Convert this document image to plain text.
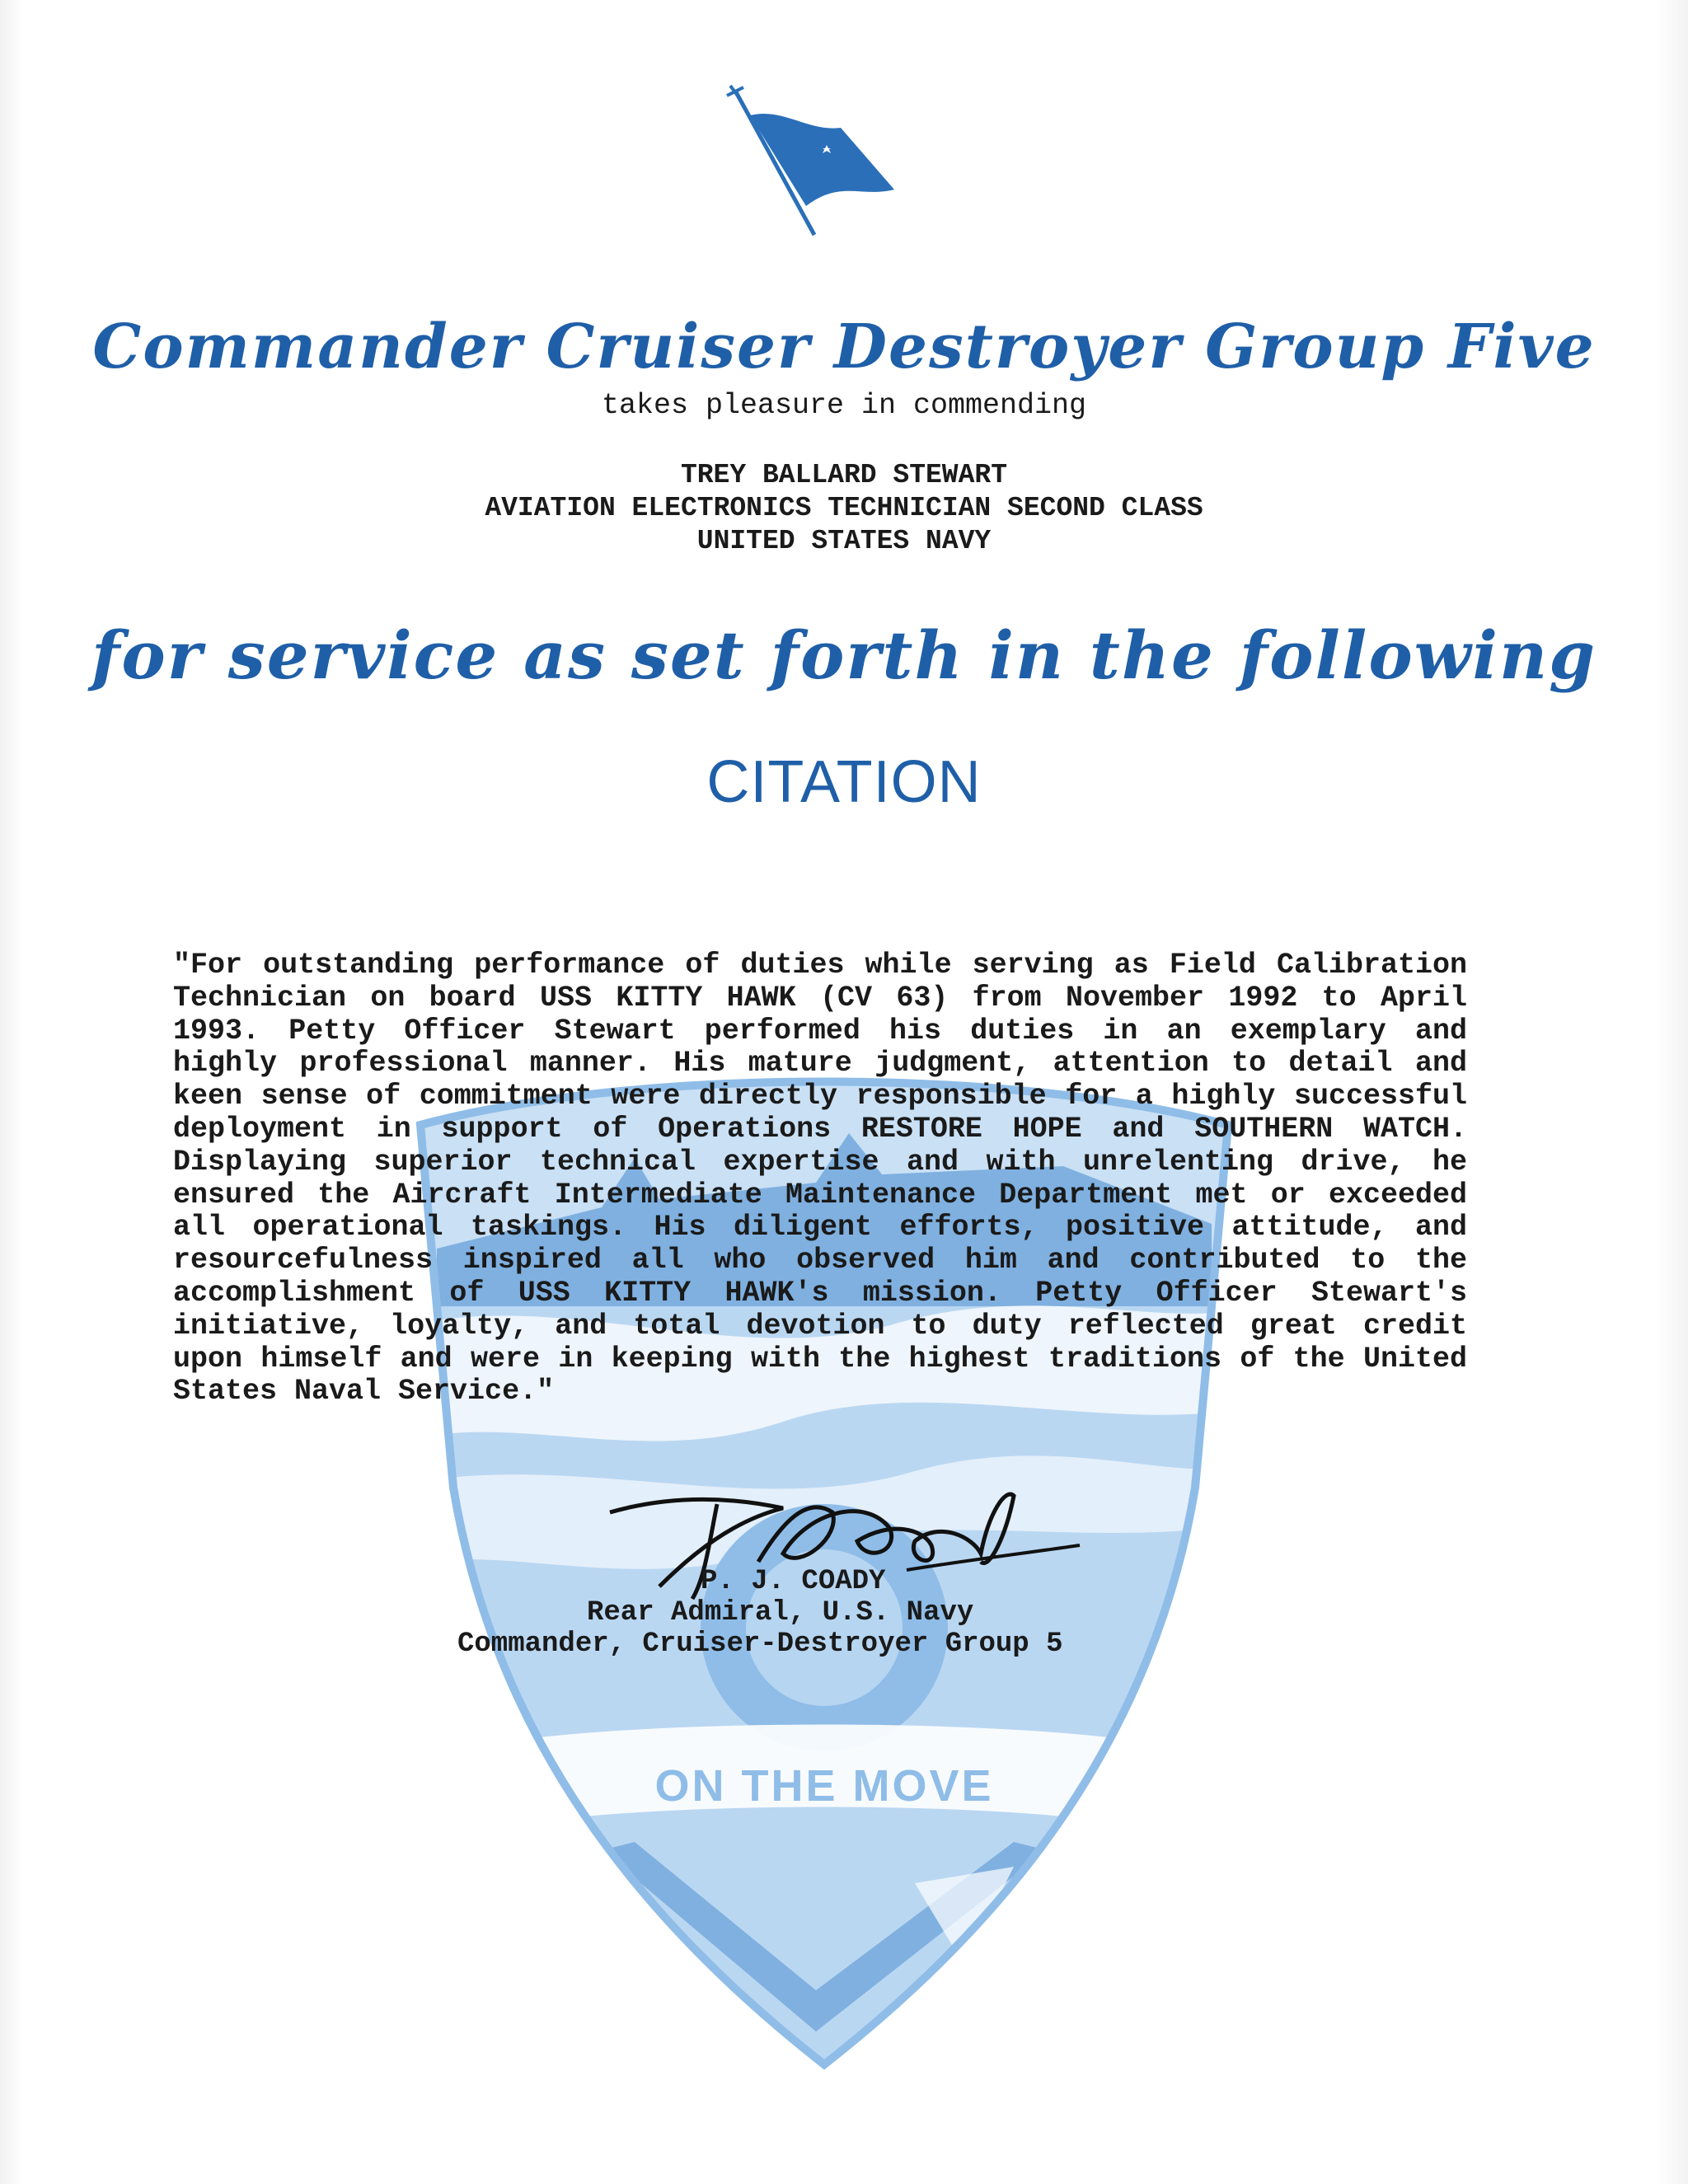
ON THE MOVE
Commander Cruiser Destroyer Group Five
takes pleasure in commending
TREY BALLARD STEWART
AVIATION ELECTRONICS TECHNICIAN SECOND CLASS
UNITED STATES NAVY
for service as set forth in the following
CITATION
"For outstanding performance of duties while serving as Field Calibration Technician on board USS KITTY HAWK (CV 63) from November 1992 to April 1993. Petty Officer Stewart performed his duties in an exemplary and highly professional manner. His mature judgment, attention to detail and keen sense of commitment were directly responsible for a highly successful deployment in support of Operations RESTORE HOPE and SOUTHERN WATCH. Displaying superior technical expertise and with unrelenting drive, he ensured the Aircraft Intermediate Maintenance Department met or exceeded all operational taskings. His diligent efforts, positive attitude, and resourcefulness inspired all who observed him and contributed to the accomplishment of USS KITTY HAWK's mission. Petty Officer Stewart's initiative, loyalty, and total devotion to duty reflected great credit upon himself and were in keeping with the highest traditions of the United States Naval Service."
P. J. COADY
Rear Admiral, U.S. Navy
Commander, Cruiser-Destroyer Group 5
